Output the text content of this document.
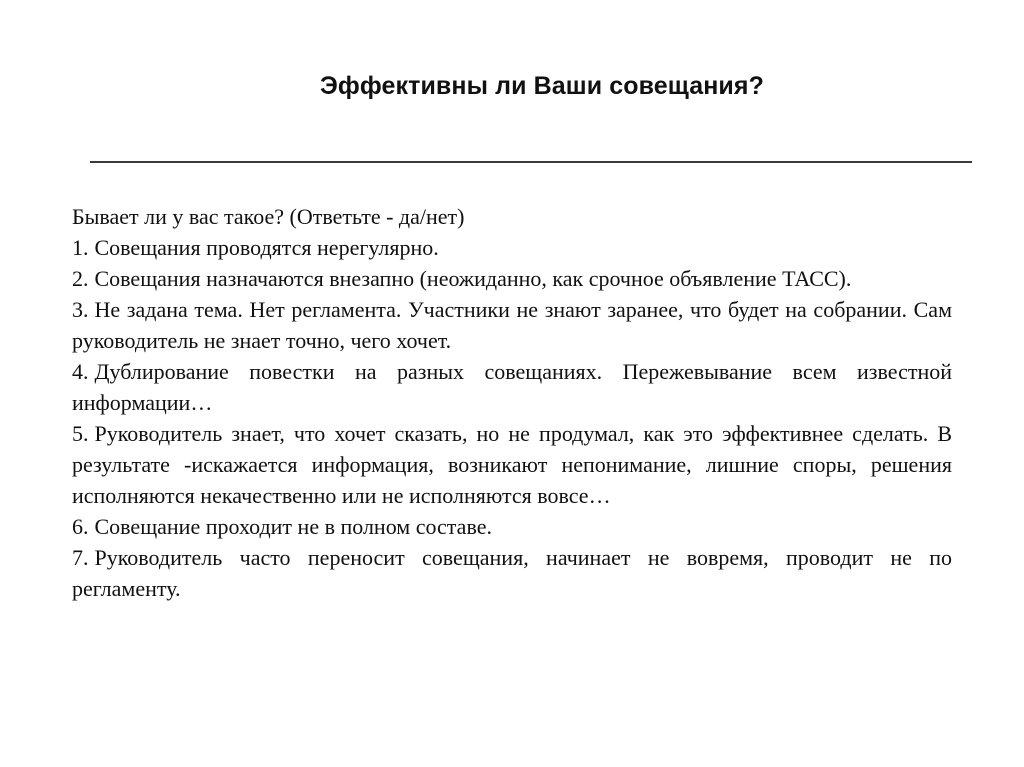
Эффективны ли Ваши совещания?

Бывает ли у вас такое? (Ответьте - да/нет)

1. Совещания проводятся нерегулярно.

2. Совещания назначаются внезапно (неожиданно, как срочное объявление ТАСС).

3. Не задана тема. Нет регламента. Участники не знают заранее, что будет на собрании. Сам руководитель не знает точно, чего хочет.

4. Дублирование повестки на разных совещаниях. Пережевывание всем известной информации…

5. Руководитель знает, что хочет сказать, но не продумал, как это эффективнее сделать. В результате -искажается информация, возникают непонимание, лишние споры, решения исполняются некачественно или не исполняются вовсе…

6. Совещание проходит не в полном составе.

7. Руководитель часто переносит совещания, начинает не вовремя, проводит не по регламенту.
